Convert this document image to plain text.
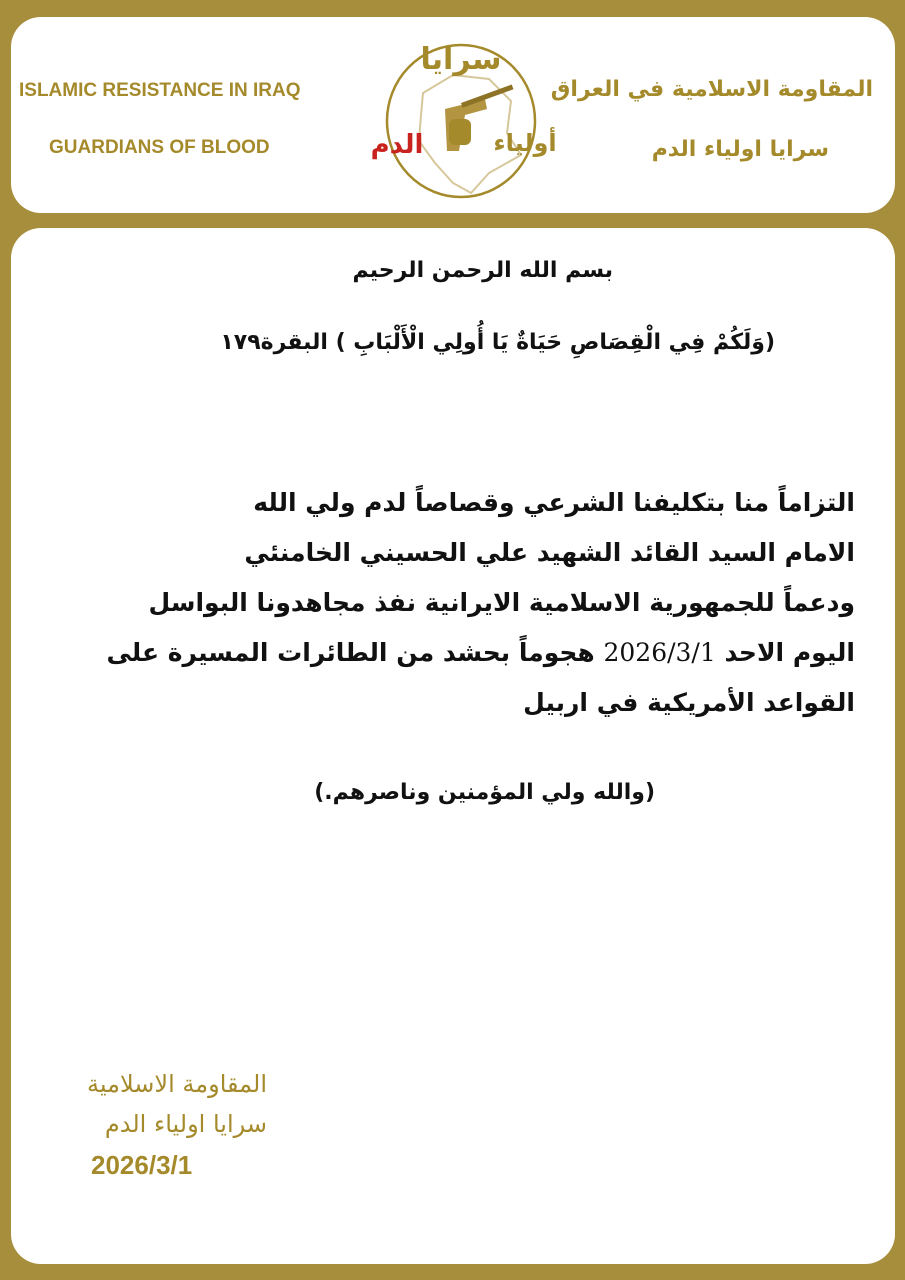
ISLAMIC RESISTANCE IN IRAQ
GUARDIANS OF BLOOD
سرايا
أولياء
الدم
المقاومة الاسلامية في العراق
سرايا اولياء الدم
بسم الله الرحمن الرحيم
(وَلَكُمْ فِي الْقِصَاصِ حَيَاةٌ يَا أُولِي الْأَلْبَابِ ) البقرة١٧٩
التزاماً منا بتكليفنا الشرعي وقصاصاً لدم ولي الله
الامام السيد القائد الشهيد علي الحسيني الخامنئي
ودعماً للجمهورية الاسلامية الايرانية نفذ مجاهدونا البواسل
اليوم الاحد 2026/3/1 هجوماً بحشد من الطائرات المسيرة على
القواعد الأمريكية في اربيل
(والله ولي المؤمنين وناصرهم.)
المقاومة الاسلامية
سرايا اولياء الدم
2026/3/1
